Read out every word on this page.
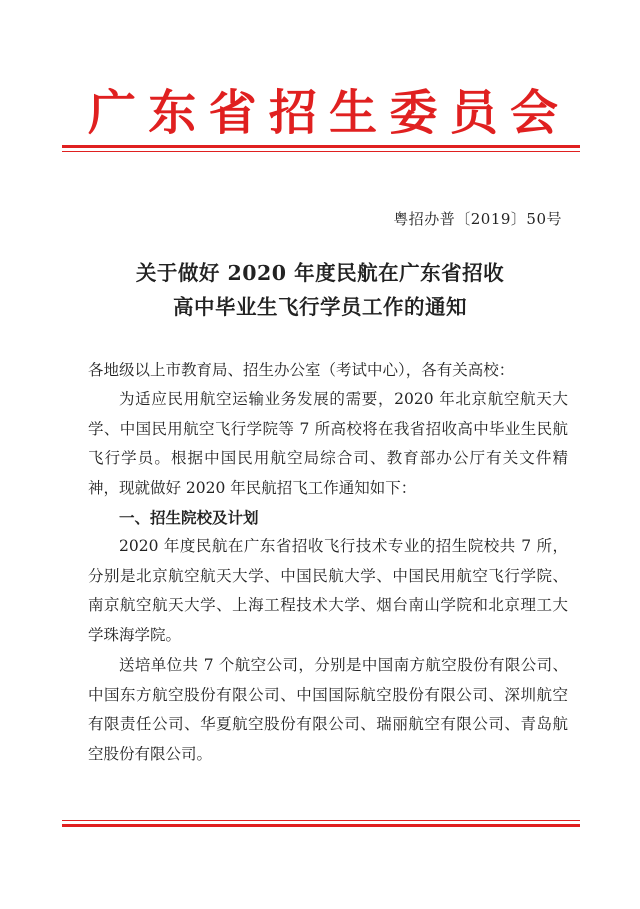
广 东 省 招 生 委 员 会
粤招办普〔2019〕50号
关于做好 2020 年度民航在广东省招收
高中毕业生飞行学员工作的通知
各地级以上市教育局、招生办公室（考试中心），各有关高校：
为适应民用航空运输业务发展的需要，2020 年北京航空航天大学、中国民用航空飞行学院等 7 所高校将在我省招收高中毕业生民航飞行学员。根据中国民用航空局综合司、教育部办公厅有关文件精神，现就做好 2020 年民航招飞工作通知如下：
一、招生院校及计划
2020 年度民航在广东省招收飞行技术专业的招生院校共 7 所，分别是北京航空航天大学、中国民航大学、中国民用航空飞行学院、南京航空航天大学、上海工程技术大学、烟台南山学院和北京理工大学珠海学院。
送培单位共 7 个航空公司，分别是中国南方航空股份有限公司、中国东方航空股份有限公司、中国国际航空股份有限公司、深圳航空有限责任公司、华夏航空股份有限公司、瑞丽航空有限公司、青岛航空股份有限公司。
